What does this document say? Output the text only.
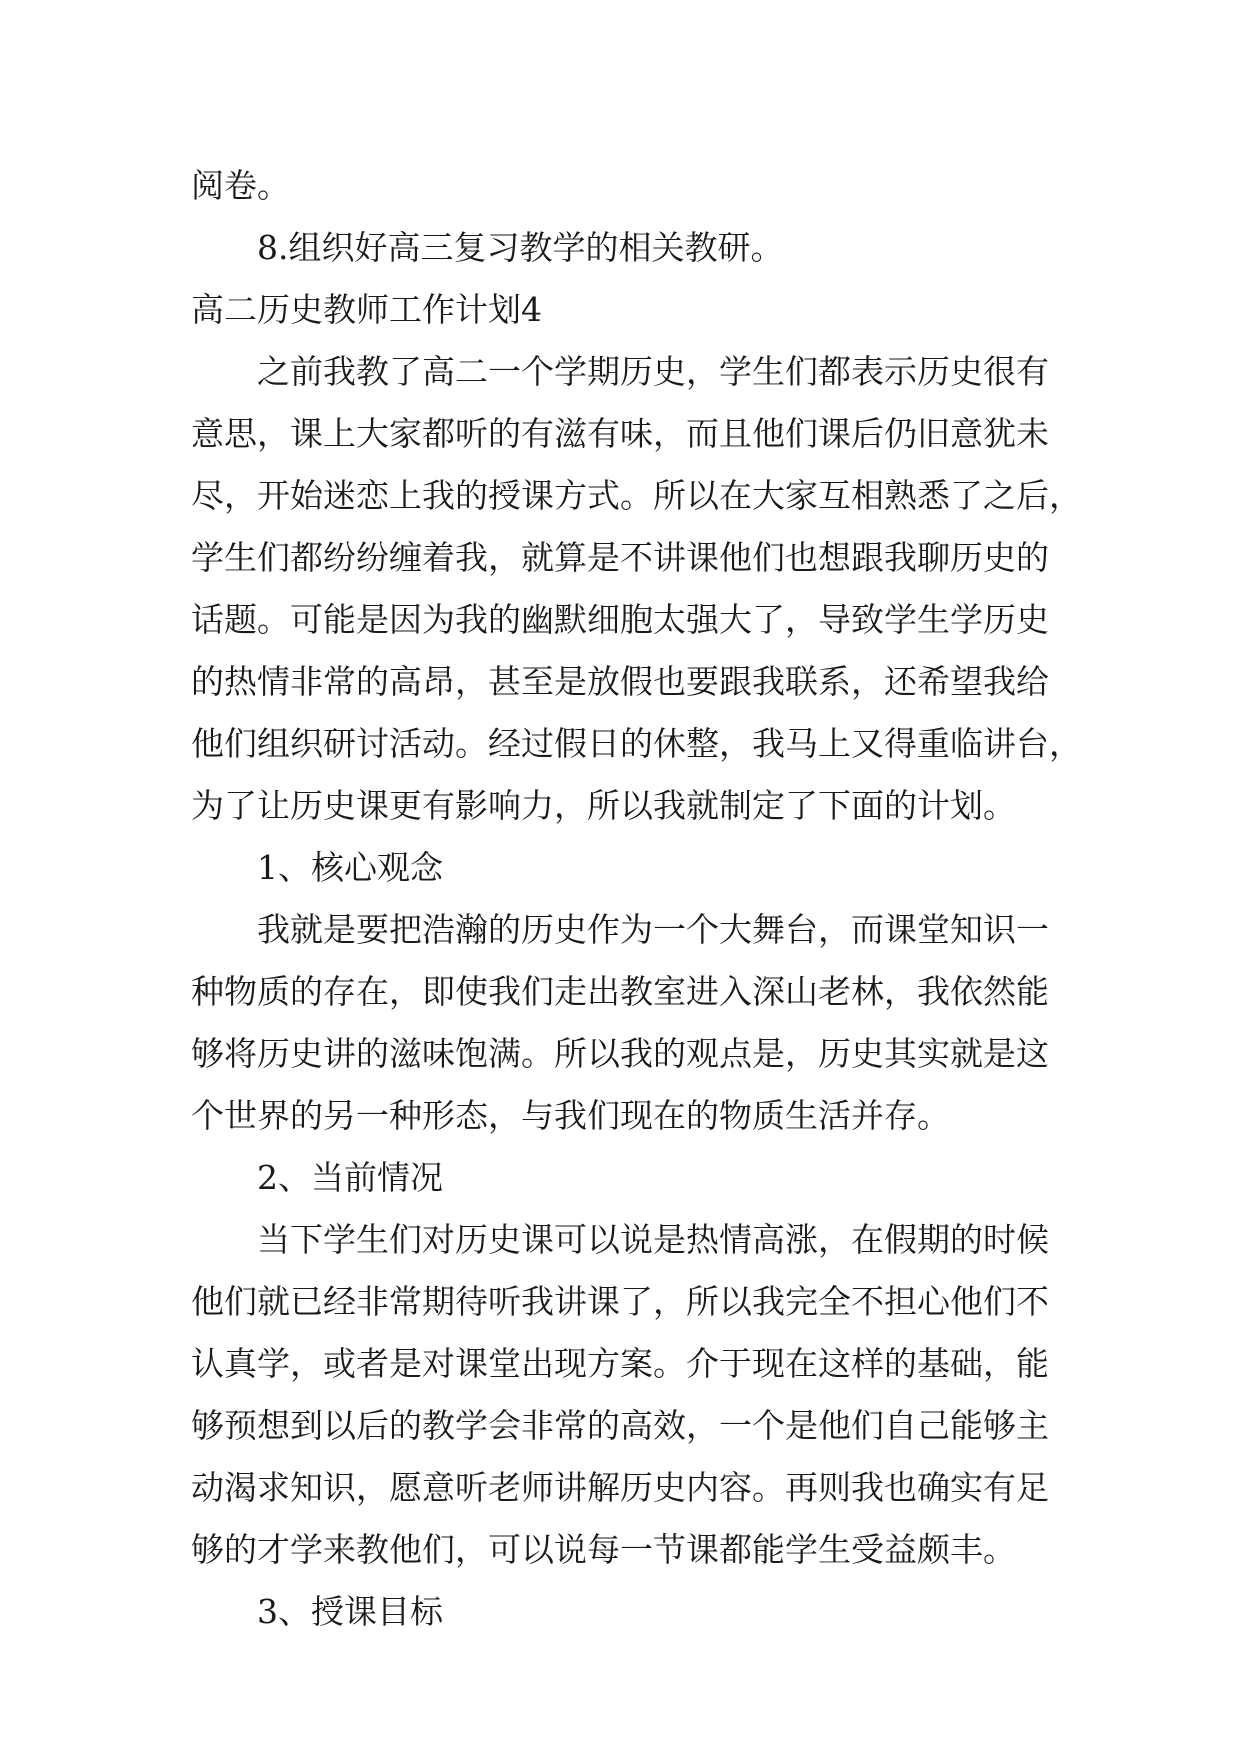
阅卷。
8.组织好高三复习教学的相关教研。
高二历史教师工作计划4
之前我教了高二一个学期历史，学生们都表示历史很有
意思，课上大家都听的有滋有味，而且他们课后仍旧意犹未
尽，开始迷恋上我的授课方式。所以在大家互相熟悉了之后，
学生们都纷纷缠着我，就算是不讲课他们也想跟我聊历史的
话题。可能是因为我的幽默细胞太强大了，导致学生学历史
的热情非常的高昂，甚至是放假也要跟我联系，还希望我给
他们组织研讨活动。经过假日的休整，我马上又得重临讲台，
为了让历史课更有影响力，所以我就制定了下面的计划。
1、核心观念
我就是要把浩瀚的历史作为一个大舞台，而课堂知识一
种物质的存在，即使我们走出教室进入深山老林，我依然能
够将历史讲的滋味饱满。所以我的观点是，历史其实就是这
个世界的另一种形态，与我们现在的物质生活并存。
2、当前情况
当下学生们对历史课可以说是热情高涨，在假期的时候
他们就已经非常期待听我讲课了，所以我完全不担心他们不
认真学，或者是对课堂出现方案。介于现在这样的基础，能
够预想到以后的教学会非常的高效，一个是他们自己能够主
动渴求知识，愿意听老师讲解历史内容。再则我也确实有足
够的才学来教他们，可以说每一节课都能学生受益颇丰。
3、授课目标
